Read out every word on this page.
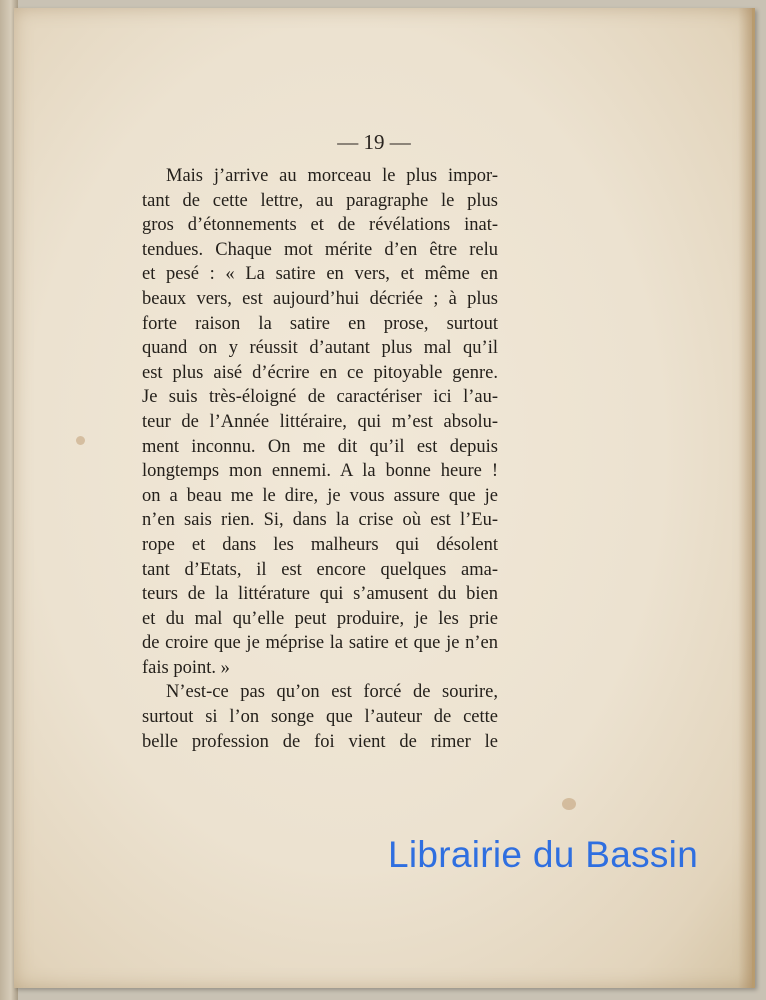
— 19 —
Mais j’arrive au morceau le plus impor-
tant de cette lettre, au paragraphe le plus
gros d’étonnements et de révélations inat-
tendues. Chaque mot mérite d’en être relu
et pesé : « La satire en vers, et même en
beaux vers, est aujourd’hui décriée ; à plus
forte raison la satire en prose, surtout
quand on y réussit d’autant plus mal qu’il
est plus aisé d’écrire en ce pitoyable genre.
Je suis très-éloigné de caractériser ici l’au-
teur de l’Année littéraire, qui m’est absolu-
ment inconnu. On me dit qu’il est depuis
longtemps mon ennemi. A la bonne heure !
on a beau me le dire, je vous assure que je
n’en sais rien. Si, dans la crise où est l’Eu-
rope et dans les malheurs qui désolent
tant d’Etats, il est encore quelques ama-
teurs de la littérature qui s’amusent du bien
et du mal qu’elle peut produire, je les prie
de croire que je méprise la satire et que je n’en
fais point. »
N’est-ce pas qu’on est forcé de sourire,
surtout si l’on songe que l’auteur de cette
belle profession de foi vient de rimer le
Librairie du Bassin
